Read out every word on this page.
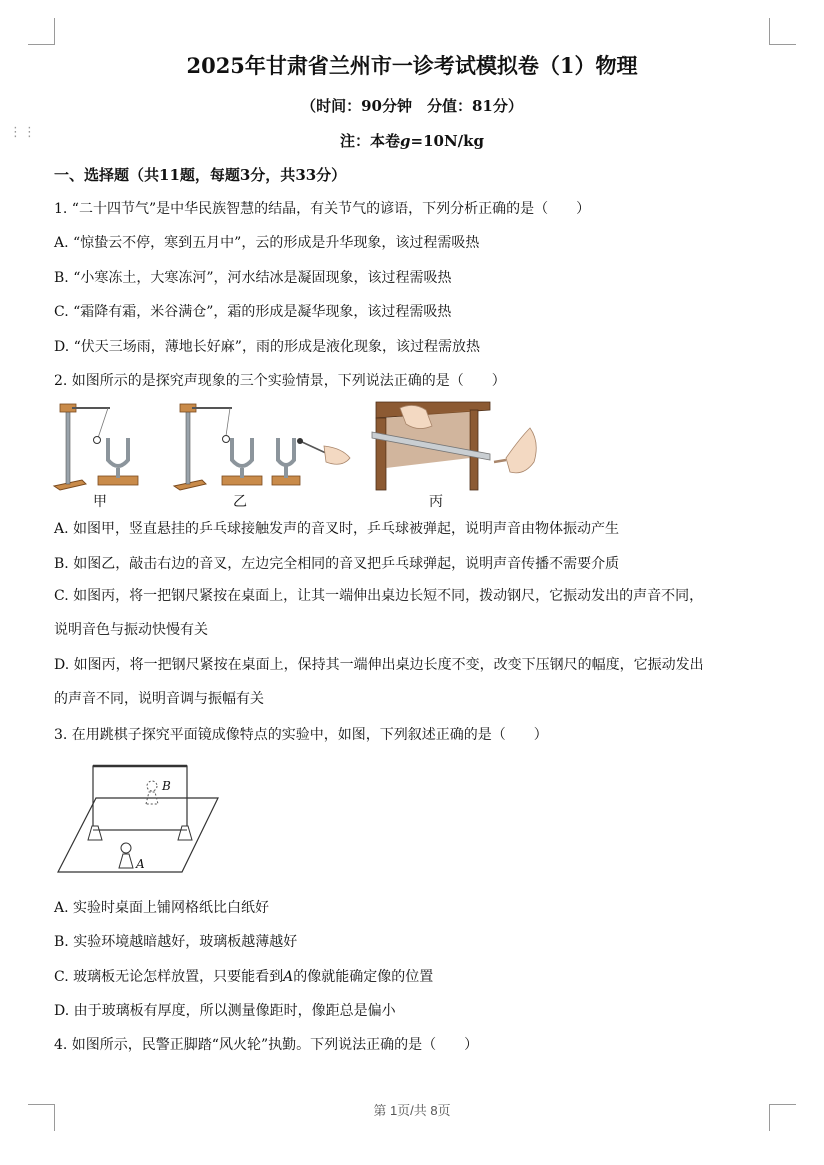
⋮⋮
2025年甘肃省兰州市一诊考试模拟卷（1）物理
（时间：90分钟　分值：81分）
注：本卷g=10N/kg
一、选择题（共11题，每题3分，共33分）
1. “二十四节气”是中华民族智慧的结晶，有关节气的谚语，下列分析正确的是（　　）
A. “惊蛰云不停，寒到五月中”，云的形成是升华现象，该过程需吸热
B. “小寒冻土，大寒冻河”，河水结冰是凝固现象，该过程需吸热
C. “霜降有霜，米谷满仓”，霜的形成是凝华现象，该过程需吸热
D. “伏天三场雨，薄地长好麻”，雨的形成是液化现象，该过程需放热
2. 如图所示的是探究声现象的三个实验情景，下列说法正确的是（　　）
甲	乙	丙
A. 如图甲，竖直悬挂的乒乓球接触发声的音叉时，乒乓球被弹起，说明声音由物体振动产生
B. 如图乙，敲击右边的音叉，左边完全相同的音叉把乒乓球弹起，说明声音传播不需要介质
C. 如图丙，将一把钢尺紧按在桌面上，让其一端伸出桌边长短不同，拨动钢尺，它振动发出的声音不同，
说明音色与振动快慢有关
D. 如图丙，将一把钢尺紧按在桌面上，保持其一端伸出桌边长度不变，改变下压钢尺的幅度，它振动发出
的声音不同，说明音调与振幅有关
3. 在用跳棋子探究平面镜成像特点的实验中，如图，下列叙述正确的是（　　）
B
A
A. 实验时桌面上铺网格纸比白纸好
B. 实验环境越暗越好，玻璃板越薄越好
C. 玻璃板无论怎样放置，只要能看到A的像就能确定像的位置
D. 由于玻璃板有厚度，所以测量像距时，像距总是偏小
4. 如图所示，民警正脚踏“风火轮”执勤。下列说法正确的是（　　）
第 1页/共 8页
